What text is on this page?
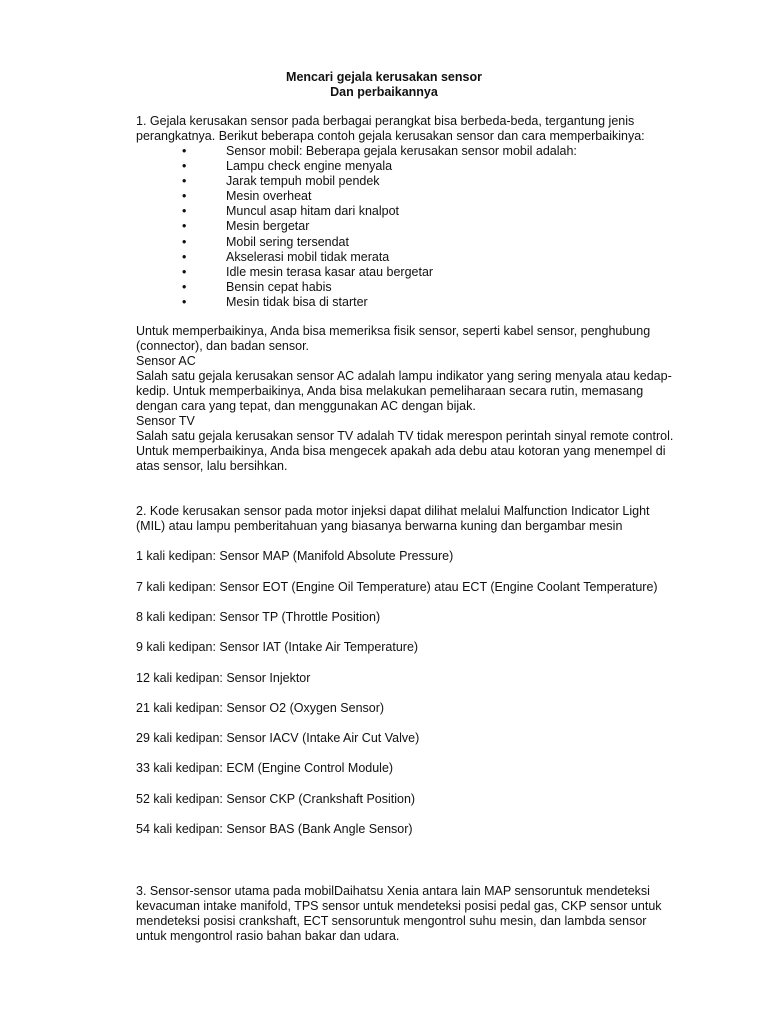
Mencari gejala kerusakan sensor
Dan perbaikannya

1. Gejala kerusakan sensor pada berbagai perangkat bisa berbeda-beda, tergantung jenis perangkatnya. Berikut beberapa contoh gejala kerusakan sensor dan cara memperbaikinya:

•	Sensor mobil: Beberapa gejala kerusakan sensor mobil adalah:
•	Lampu check engine menyala
•	Jarak tempuh mobil pendek
•	Mesin overheat
•	Muncul asap hitam dari knalpot
•	Mesin bergetar
•	Mobil sering tersendat
•	Akselerasi mobil tidak merata
•	Idle mesin terasa kasar atau bergetar
•	Bensin cepat habis
•	Mesin tidak bisa di starter

Untuk memperbaikinya, Anda bisa memeriksa fisik sensor, seperti kabel sensor, penghubung (connector), dan badan sensor.

Sensor AC

Salah satu gejala kerusakan sensor AC adalah lampu indikator yang sering menyala atau kedap-kedip. Untuk memperbaikinya, Anda bisa melakukan pemeliharaan secara rutin, memasang dengan cara yang tepat, dan menggunakan AC dengan bijak.

Sensor TV

Salah satu gejala kerusakan sensor TV adalah TV tidak merespon perintah sinyal remote control. Untuk memperbaikinya, Anda bisa mengecek apakah ada debu atau kotoran yang menempel di atas sensor, lalu bersihkan.

2. Kode kerusakan sensor pada motor injeksi dapat dilihat melalui Malfunction Indicator Light (MIL) atau lampu pemberitahuan yang biasanya berwarna kuning dan bergambar mesin

1 kali kedipan: Sensor MAP (Manifold Absolute Pressure)

7 kali kedipan: Sensor EOT (Engine Oil Temperature) atau ECT (Engine Coolant Temperature)

8 kali kedipan: Sensor TP (Throttle Position)

9 kali kedipan: Sensor IAT (Intake Air Temperature)

12 kali kedipan: Sensor Injektor

21 kali kedipan: Sensor O2 (Oxygen Sensor)

29 kali kedipan: Sensor IACV (Intake Air Cut Valve)

33 kali kedipan: ECM (Engine Control Module)

52 kali kedipan: Sensor CKP (Crankshaft Position)

54 kali kedipan: Sensor BAS (Bank Angle Sensor)

3. Sensor-sensor utama pada mobilDaihatsu Xenia antara lain MAP sensoruntuk mendeteksi kevacuman intake manifold, TPS sensor untuk mendeteksi posisi pedal gas, CKP sensor untuk mendeteksi posisi crankshaft, ECT sensoruntuk mengontrol suhu mesin, dan lambda sensor untuk mengontrol rasio bahan bakar dan udara.
